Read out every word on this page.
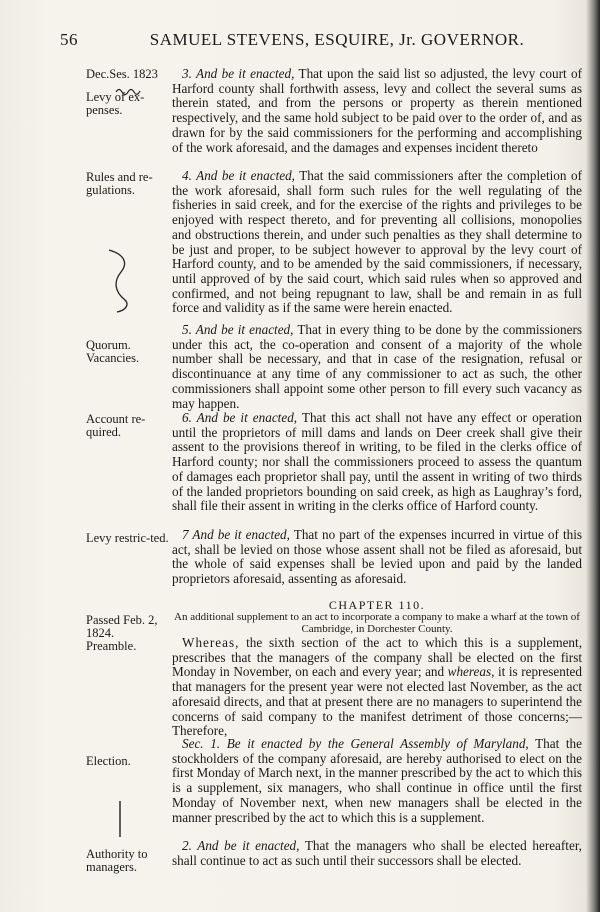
56	SAMUEL STEVENS, ESQUIRE, Jr. GOVERNOR.
Dec.Ses. 1823
Levy of ex-penses.
Rules and re-gulations.
Quorum. Vacancies.
Account re-quired.
Levy restric-ted.
Passed Feb. 2, 1824.
Preamble.
Election.
Authority to managers.
3. And be it enacted, That upon the said list so adjusted, the levy court of Harford county shall forthwith assess, levy and collect the several sums as therein stated, and from the persons or property as therein mentioned respectively, and the same hold subject to be paid over to the order of, and as drawn for by the said commissioners for the performing and accomplishing of the work aforesaid, and the damages and expenses incident thereto
4. And be it enacted, That the said commissioners after the completion of the work aforesaid, shall form such rules for the well regulating of the fisheries in said creek, and for the exercise of the rights and privileges to be enjoyed with respect thereto, and for preventing all collisions, monopolies and obstructions therein, and under such penalties as they shall determine to be just and proper, to be subject however to approval by the levy court of Harford county, and to be amended by the said commissioners, if necessary, until approved of by the said court, which said rules when so approved and confirmed, and not being repugnant to law, shall be and remain in as full force and validity as if the same were herein enacted.
5. And be it enacted, That in every thing to be done by the commissioners under this act, the co-operation and consent of a majority of the whole number shall be necessary, and that in case of the resignation, refusal or discontinuance at any time of any commissioner to act as such, the other commissioners shall appoint some other person to fill every such vacancy as may happen.
6. And be it enacted, That this act shall not have any effect or operation until the proprietors of mill dams and lands on Deer creek shall give their assent to the provisions thereof in writing, to be filed in the clerks office of Harford county; nor shall the commissioners proceed to assess the quantum of damages each proprietor shall pay, until the assent in writing of two thirds of the landed proprietors bounding on said creek, as high as Laughray’s ford, shall file their assent in writing in the clerks office of Harford county.
7 And be it enacted, That no part of the expenses incurred in virtue of this act, shall be levied on those whose assent shall not be filed as aforesaid, but the whole of said expenses shall be levied upon and paid by the landed proprietors aforesaid, assenting as aforesaid.
CHAPTER 110.
An additional supplement to an act to incorporate a company to make a wharf at the town of Cambridge, in Dorchester County.
Whereas, the sixth section of the act to which this is a supplement, prescribes that the managers of the company shall be elected on the first Monday in November, on each and every year; and whereas, it is represented that managers for the present year were not elected last November, as the act aforesaid directs, and that at present there are no managers to superintend the concerns of said company to the manifest detriment of those concerns;—Therefore,
Sec. 1. Be it enacted by the General Assembly of Maryland, That the stockholders of the company aforesaid, are hereby authorised to elect on the first Monday of March next, in the manner prescribed by the act to which this is a supplement, six managers, who shall continue in office until the first Monday of November next, when new managers shall be elected in the manner prescribed by the act to which this is a supplement.
2. And be it enacted, That the managers who shall be elected hereafter, shall continue to act as such until their successors shall be elected.
